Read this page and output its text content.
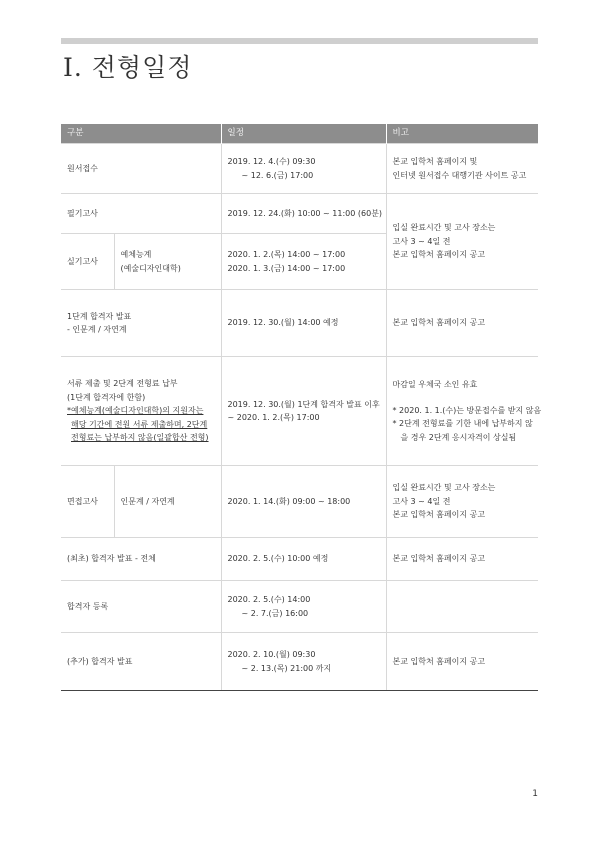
Ⅰ. 전형일정
구분		일정	비고
원서접수		2019. 12. 4.(수) 09:30
~ 12. 6.(금) 17:00	본교 입학처 홈페이지 및
인터넷 원서접수 대행기관 사이트 공고

필기고사		2019. 12. 24.(화) 10:00 ~ 11:00 (60분)	입실 완료시간 및 고사 장소는
고사 3 ~ 4일 전
본교 입학처 홈페이지 공고

실기고사	예체능계
(예술디자인대학)	2020. 1. 2.(목) 14:00 ~ 17:00
2020. 1. 3.(금) 14:00 ~ 17:00	

1단계 합격자 발표
- 인문계 / 자연계		2019. 12. 30.(월) 14:00 예정	본교 입학처 홈페이지 공고

서류 제출 및 2단계 전형료 납부
(1단계 합격자에 한함)
*예체능계(예술디자인대학)의 지원자는
해당 기간에 전원 서류 제출하며, 2단계
전형료는 납부하지 않음(일괄합산 전형)		2019. 12. 30.(월) 1단계 합격자 발표 이후
~ 2020. 1. 2.(목) 17:00	마감일 우체국 소인 유효
* 2020. 1. 1.(수)는 방문접수를 받지 않음
* 2단계 전형료를 기한 내에 납부하지 않
을 경우 2단계 응시자격이 상실됨

면접고사	인문계 / 자연계	2020. 1. 14.(화) 09:00 ~ 18:00	입실 완료시간 및 고사 장소는
고사 3 ~ 4일 전
본교 입학처 홈페이지 공고

(최초) 합격자 발표 - 전체		2020. 2. 5.(수) 10:00 예정	본교 입학처 홈페이지 공고

합격자 등록		2020. 2. 5.(수) 14:00
~ 2. 7.(금) 16:00	

(추가) 합격자 발표		2020. 2. 10.(월) 09:30
~ 2. 13.(목) 21:00 까지	본교 입학처 홈페이지 공고
1
